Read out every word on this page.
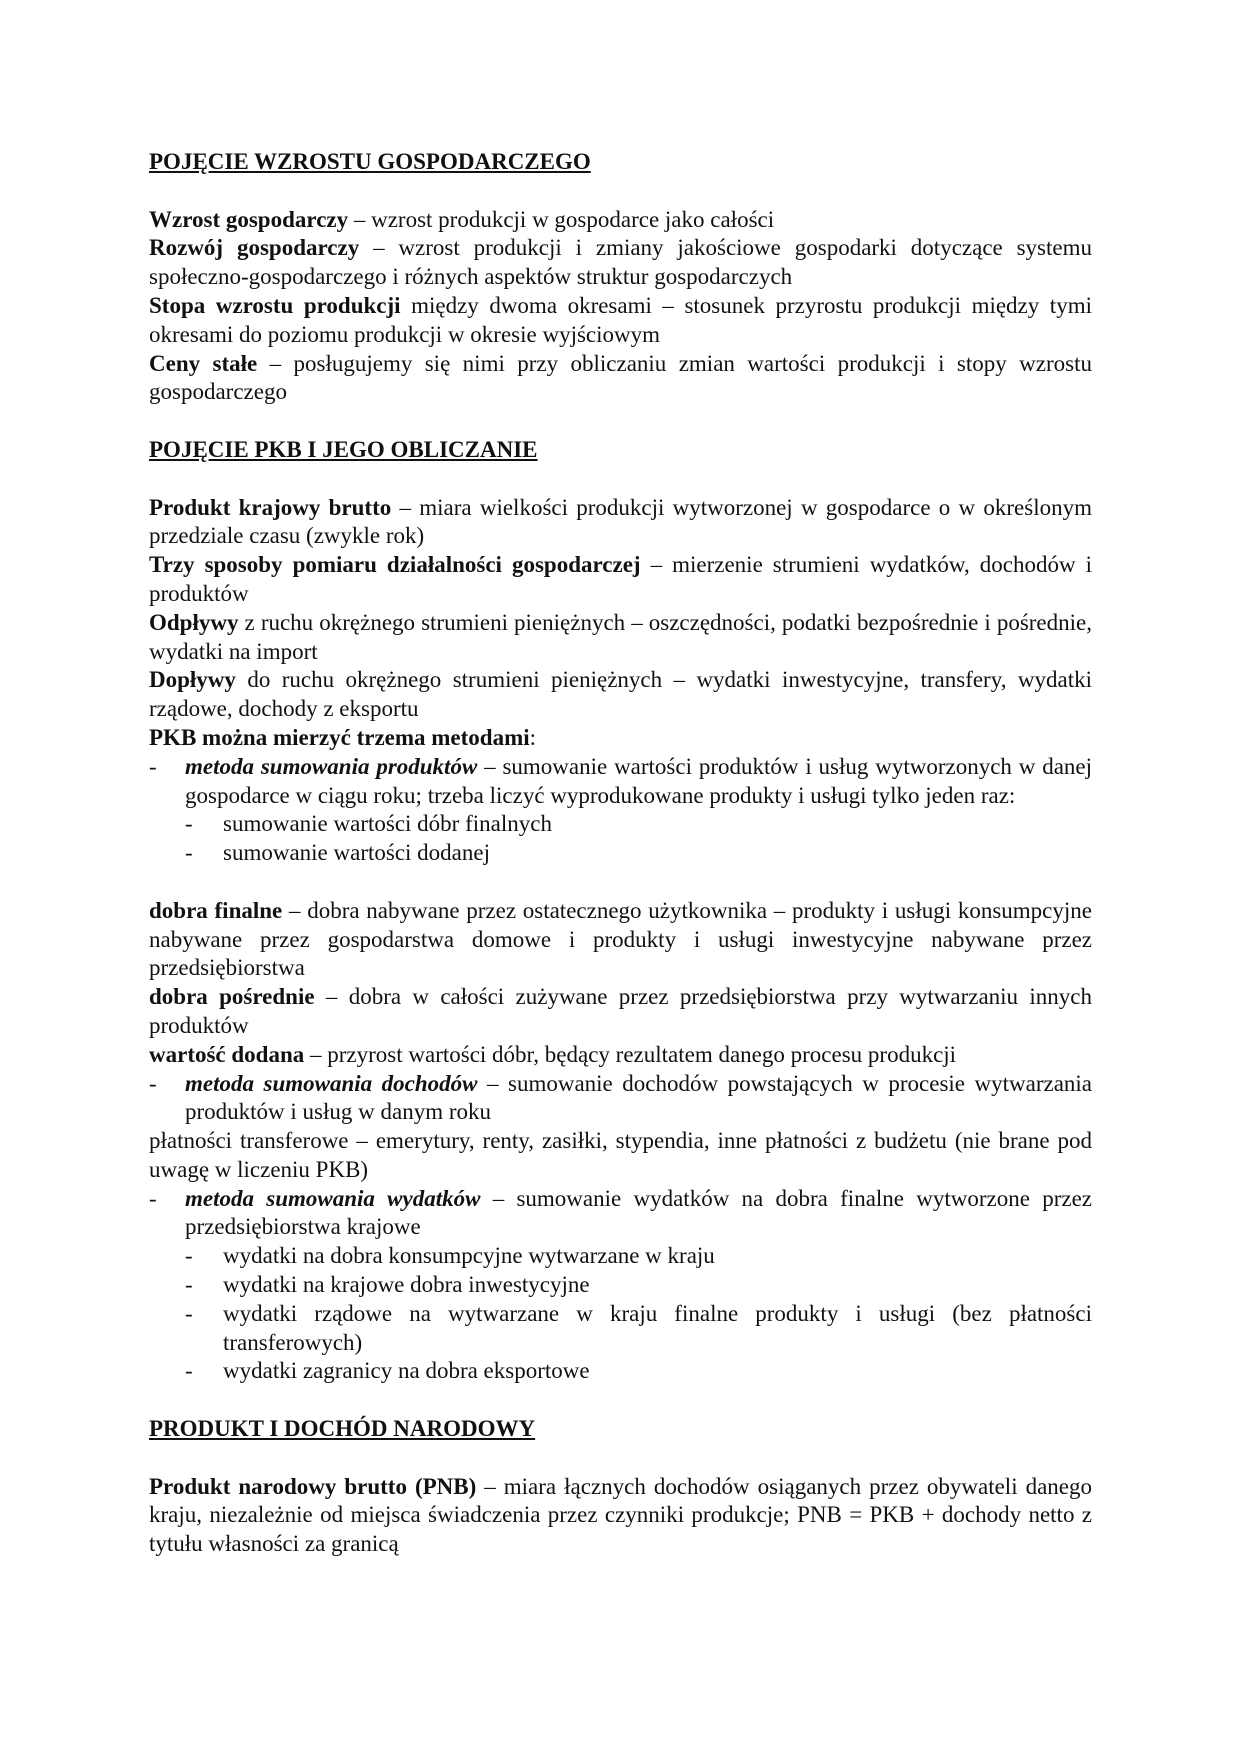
POJĘCIE WZROSTU GOSPODARCZEGO

Wzrost gospodarczy – wzrost produkcji w gospodarce jako całości

Rozwój gospodarczy – wzrost produkcji i zmiany jakościowe gospodarki dotyczące systemu społeczno-gospodarczego i różnych aspektów struktur gospodarczych

Stopa wzrostu produkcji między dwoma okresami – stosunek przyrostu produkcji między tymi okresami do poziomu produkcji w okresie wyjściowym

Ceny stałe – posługujemy się nimi przy obliczaniu zmian wartości produkcji i stopy wzrostu gospodarczego

POJĘCIE PKB I JEGO OBLICZANIE

Produkt krajowy brutto – miara wielkości produkcji wytworzonej w gospodarce o w określonym przedziale czasu (zwykle rok)

Trzy sposoby pomiaru działalności gospodarczej – mierzenie strumieni wydatków, dochodów i produktów

Odpływy z ruchu okrężnego strumieni pieniężnych – oszczędności, podatki bezpośrednie i pośrednie, wydatki na import

Dopływy do ruchu okrężnego strumieni pieniężnych – wydatki inwestycyjne, transfery, wydatki rządowe, dochody z eksportu

PKB można mierzyć trzema metodami:

- metoda sumowania produktów – sumowanie wartości produktów i usług wytworzonych w danej gospodarce w ciągu roku; trzeba liczyć wyprodukowane produkty i usługi tylko jeden raz:
- sumowanie wartości dóbr finalnych
- sumowanie wartości dodanej

dobra finalne – dobra nabywane przez ostatecznego użytkownika – produkty i usługi konsumpcyjne nabywane przez gospodarstwa domowe i produkty i usługi inwestycyjne nabywane przez przedsiębiorstwa

dobra pośrednie – dobra w całości zużywane przez przedsiębiorstwa przy wytwarzaniu innych produktów

wartość dodana – przyrost wartości dóbr, będący rezultatem danego procesu produkcji

- metoda sumowania dochodów – sumowanie dochodów powstających w procesie wytwarzania produktów i usług w danym roku

płatności transferowe – emerytury, renty, zasiłki, stypendia, inne płatności z budżetu (nie brane pod uwagę w liczeniu PKB)

- metoda sumowania wydatków – sumowanie wydatków na dobra finalne wytworzone przez przedsiębiorstwa krajowe
- wydatki na dobra konsumpcyjne wytwarzane w kraju
- wydatki na krajowe dobra inwestycyjne
- wydatki rządowe na wytwarzane w kraju finalne produkty i usługi (bez płatności transferowych)
- wydatki zagranicy na dobra eksportowe

PRODUKT I DOCHÓD NARODOWY

Produkt narodowy brutto (PNB) – miara łącznych dochodów osiąganych przez obywateli danego kraju, niezależnie od miejsca świadczenia przez czynniki produkcje; PNB = PKB + dochody netto z tytułu własności za granicą
